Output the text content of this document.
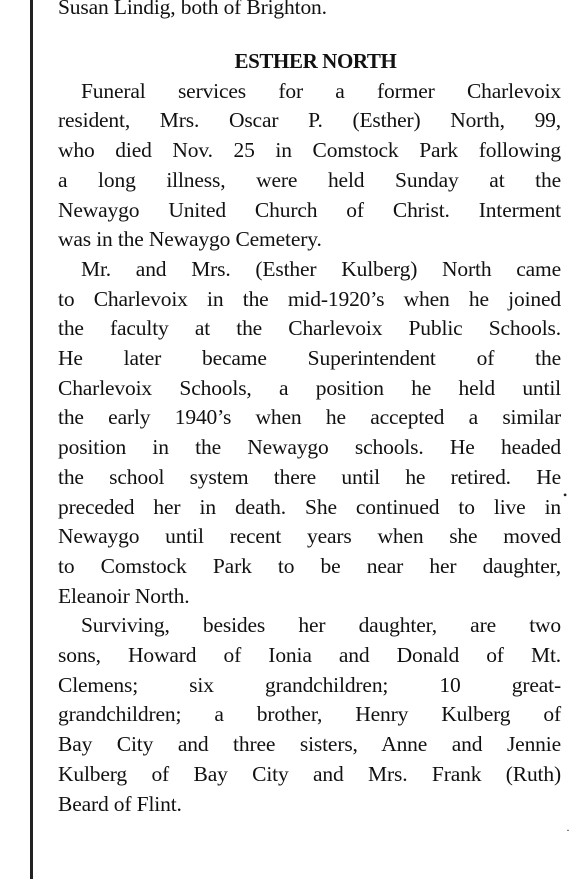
Susan Lindig, both of Brighton.
ESTHER NORTH
Funeral services for a former Charlevoix
resident, Mrs. Oscar P. (Esther) North, 99,
who died Nov. 25 in Comstock Park following
a long illness, were held Sunday at the
Newaygo United Church of Christ. Interment
was in the Newaygo Cemetery.
Mr. and Mrs. (Esther Kulberg) North came
to Charlevoix in the mid-1920’s when he joined
the faculty at the Charlevoix Public Schools.
He later became Superintendent of the
Charlevoix Schools, a position he held until
the early 1940’s when he accepted a similar
position in the Newaygo schools. He headed
the school system there until he retired. He
preceded her in death. She continued to live in
Newaygo until recent years when she moved
to Comstock Park to be near her daughter,
Eleanoir North.
Surviving, besides her daughter, are two
sons, Howard of Ionia and Donald of Mt.
Clemens; six grandchildren; 10 great-
grandchildren; a brother, Henry Kulberg of
Bay City and three sisters, Anne and Jennie
Kulberg of Bay City and Mrs. Frank (Ruth)
Beard of Flint.
•
·
